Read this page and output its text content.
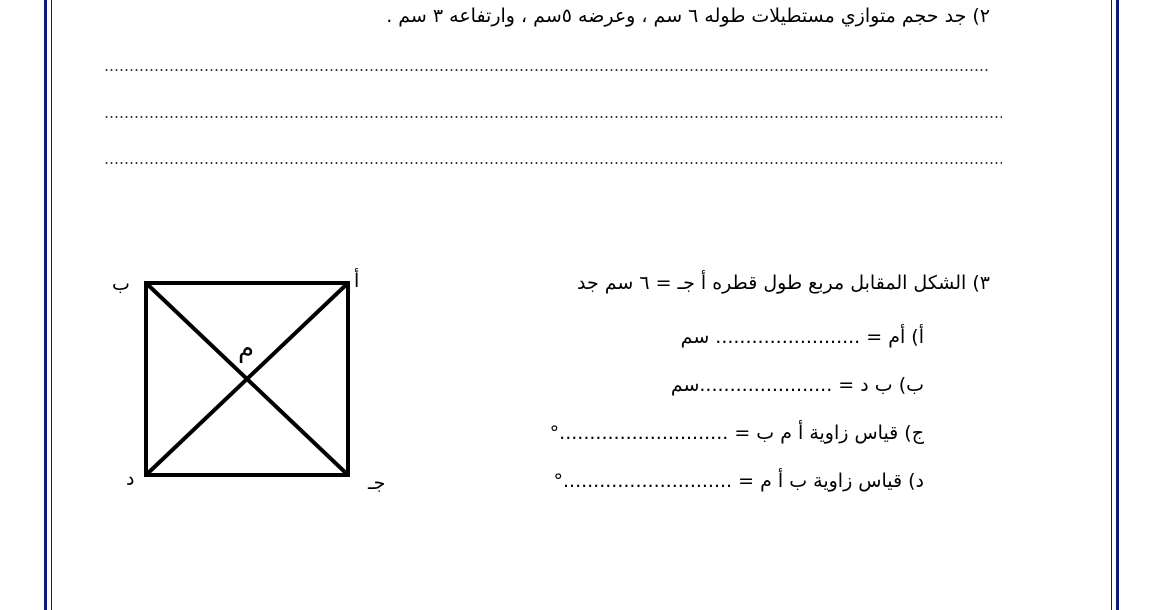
٢) جد حجم متوازي مستطيلات طوله ٦ سم ، وعرضه ٥سم ، وارتفاعه ٣ سم .
٣) الشكل المقابل مربع طول قطره أ جـ = ٦ سم جد
أ) أم = ........................ سم
ب) ب د = ......................سم
ج) قياس زاوية أ م ب = ............................°
د) قياس زاوية ب أ م = ............................°
أ
ب
م
د	جـ
